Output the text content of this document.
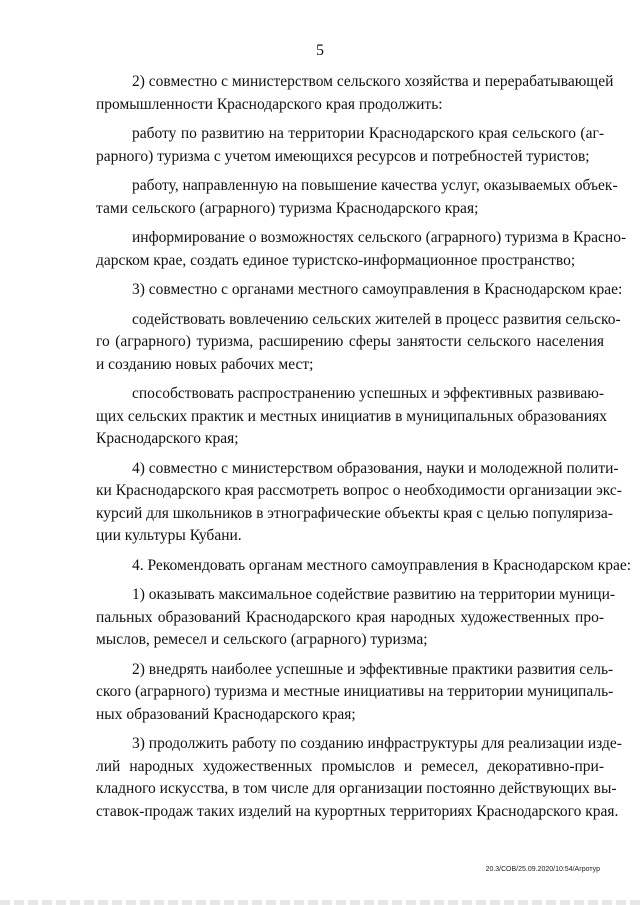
5

2) совместно с министерством сельского хозяйства и перерабатывающей
промышленности Краснодарского края продолжить:

работу по развитию на территории Краснодарского края сельского (аг-
рарного) туризма с учетом имеющихся ресурсов и потребностей туристов;

работу, направленную на повышение качества услуг, оказываемых объек-
тами сельского (аграрного) туризма Краснодарского края;

информирование о возможностях сельского (аграрного) туризма в Красно-
дарском крае, создать единое туристско-информационное пространство;

3) совместно с органами местного самоуправления в Краснодарском крае:

содействовать вовлечению сельских жителей в процесс развития сельско-
го (аграрного) туризма, расширению сферы занятости сельского населения
и созданию новых рабочих мест;

способствовать распространению успешных и эффективных развиваю-
щих сельских практик и местных инициатив в муниципальных образованиях
Краснодарского края;

4) совместно с министерством образования, науки и молодежной полити-
ки Краснодарского края рассмотреть вопрос о необходимости организации экс-
курсий для школьников в этнографические объекты края с целью популяриза-
ции культуры Кубани.

4. Рекомендовать органам местного самоуправления в Краснодарском крае:

1) оказывать максимальное содействие развитию на территории муници-
пальных образований Краснодарского края народных художественных про-
мыслов, ремесел и сельского (аграрного) туризма;

2) внедрять наиболее успешные и эффективные практики развития сель-
ского (аграрного) туризма и местные инициативы на территории муниципаль-
ных образований Краснодарского края;

3) продолжить работу по созданию инфраструктуры для реализации изде-
лий народных художественных промыслов и ремесел, декоративно-при-
кладного искусства, в том числе для организации постоянно действующих вы-
ставок-продаж таких изделий на курортных территориях Краснодарского края.

20.3/СОВ/25.09.2020/10:54/Агротур
